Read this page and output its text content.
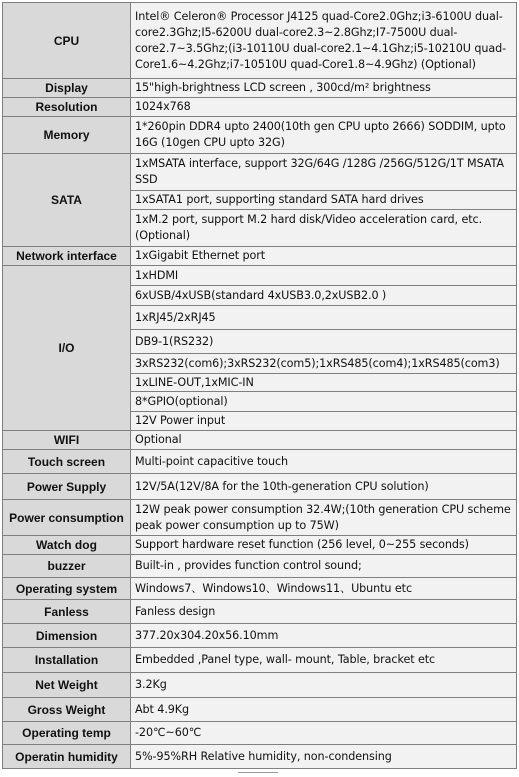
CPU	Intel® Celeron® Processor J4125 quad-Core2.0Ghz;i3-6100U dual-core2.3Ghz;I5-6200U dual-core2.3~2.8Ghz;I7-7500U dual-core2.7~3.5Ghz;(i3-10110U dual-core2.1~4.1Ghz;i5-10210U quad-Core1.6~4.2Ghz;i7-10510U quad-Core1.8~4.9Ghz) (Optional)
Display	15"high-brightness LCD screen , 300cd/m² brightness
Resolution	1024x768
Memory	1*260pin DDR4 upto 2400(10th gen CPU upto 2666) SODDIM, upto 16G (10gen CPU upto 32G)
SATA	1xMSATA interface, support 32G/64G /128G /256G/512G/1T MSATA SSD
	1xSATA1 port, supporting standard SATA hard drives
	1xM.2 port, support M.2 hard disk/Video acceleration card, etc. (Optional)
Network interface	1xGigabit Ethernet port
I/O	1xHDMI
	6xUSB/4xUSB(standard 4xUSB3.0,2xUSB2.0 )
	1xRJ45/2xRJ45
	DB9-1(RS232)
	3xRS232(com6);3xRS232(com5);1xRS485(com4);1xRS485(com3)
	1xLINE-OUT,1xMIC-IN
	8*GPIO(optional)
	12V Power input
WIFI	Optional
Touch screen	Multi-point capacitive touch
Power Supply	12V/5A(12V/8A for the 10th-generation CPU solution)
Power consumption	12W peak power consumption 32.4W;(10th generation CPU scheme peak power consumption up to 75W)
Watch dog	Support hardware reset function (256 level, 0~255 seconds)
buzzer	Built-in , provides function control sound;
Operating system	Windows7、Windows10、Windows11、Ubuntu etc
Fanless	Fanless design
Dimension	377.20x304.20x56.10mm
Installation	Embedded ,Panel type, wall- mount, Table, bracket etc
Net Weight	3.2Kg
Gross Weight	Abt 4.9Kg
Operating temp	-20℃~60℃
Operatin humidity	5%-95%RH Relative humidity, non-condensing
